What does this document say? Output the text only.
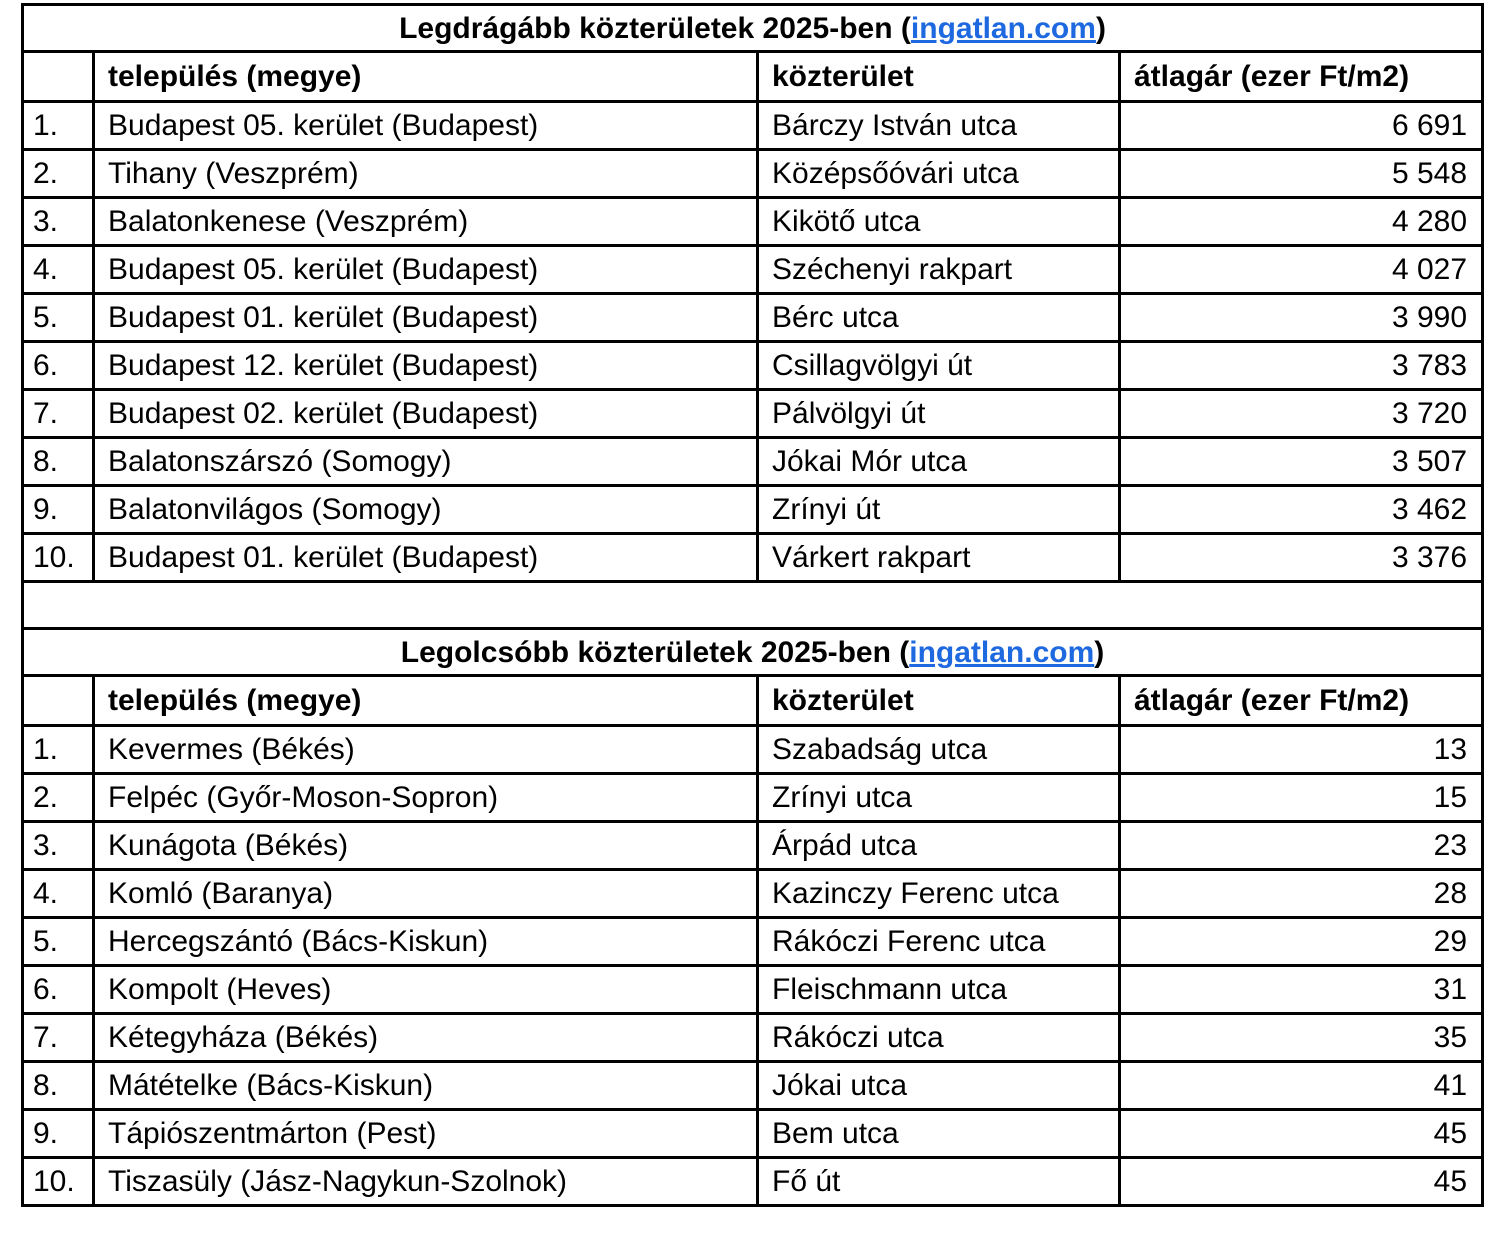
Legdrágább közterületek 2025-ben (ingatlan.com)			
	település (megye)	közterület	átlagár (ezer Ft/m2)
1.	Budapest 05. kerület (Budapest)	Bárczy István utca	6 691
2.	Tihany (Veszprém)	Középsőóvári utca	5 548
3.	Balatonkenese (Veszprém)	Kikötő utca	4 280
4.	Budapest 05. kerület (Budapest)	Széchenyi rakpart	4 027
5.	Budapest 01. kerület (Budapest)	Bérc utca	3 990
6.	Budapest 12. kerület (Budapest)	Csillagvölgyi út	3 783
7.	Budapest 02. kerület (Budapest)	Pálvölgyi út	3 720
8.	Balatonszárszó (Somogy)	Jókai Mór utca	3 507
9.	Balatonvilágos (Somogy)	Zrínyi út	3 462
10.	Budapest 01. kerület (Budapest)	Várkert rakpart	3 376

Legolcsóbb közterületek 2025-ben (ingatlan.com)			
	település (megye)	közterület	átlagár (ezer Ft/m2)
1.	Kevermes (Békés)	Szabadság utca	13
2.	Felpéc (Győr-Moson-Sopron)	Zrínyi utca	15
3.	Kunágota (Békés)	Árpád utca	23
4.	Komló (Baranya)	Kazinczy Ferenc utca	28
5.	Hercegszántó (Bács-Kiskun)	Rákóczi Ferenc utca	29
6.	Kompolt (Heves)	Fleischmann utca	31
7.	Kétegyháza (Békés)	Rákóczi utca	35
8.	Mátételke (Bács-Kiskun)	Jókai utca	41
9.	Tápiószentmárton (Pest)	Bem utca	45
10.	Tiszasüly (Jász-Nagykun-Szolnok)	Fő út	45
